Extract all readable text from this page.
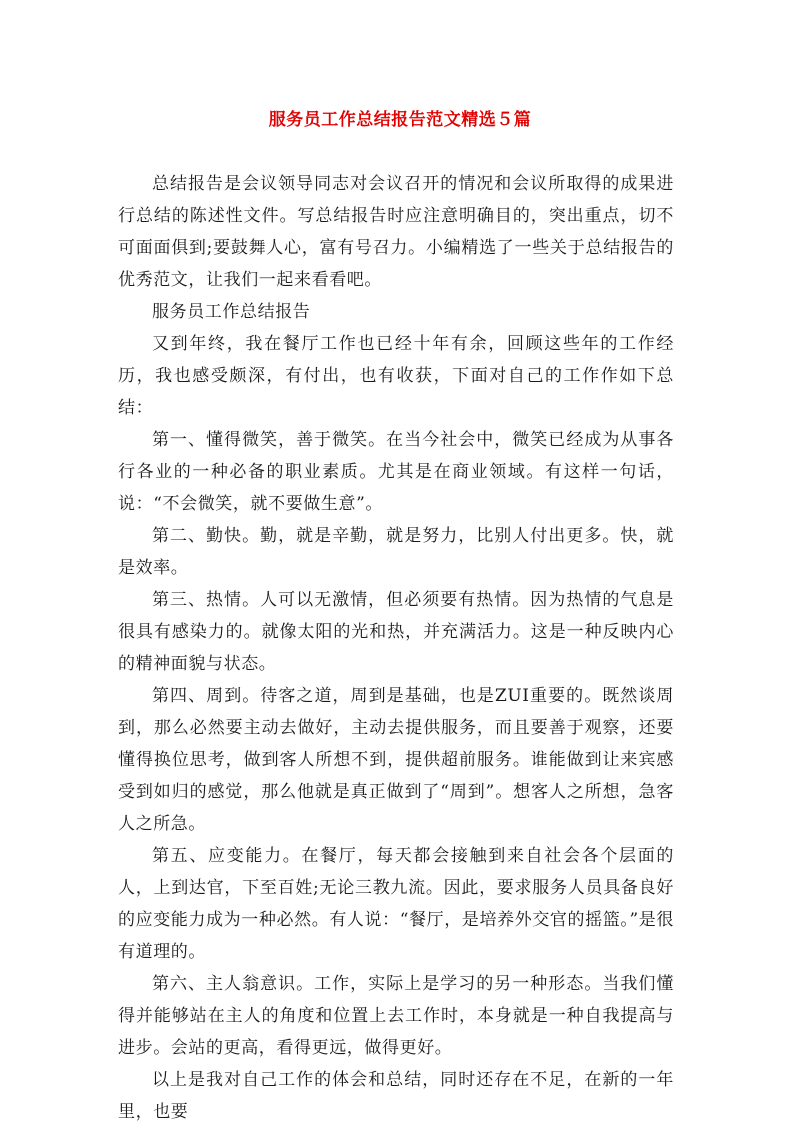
服务员工作总结报告范文精选５篇

总结报告是会议领导同志对会议召开的情况和会议所取得的成果进行总结的陈述性文件。写总结报告时应注意明确目的，突出重点，切不可面面俱到;要鼓舞人心，富有号召力。小编精选了一些关于总结报告的优秀范文，让我们一起来看看吧。

服务员工作总结报告

又到年终，我在餐厅工作也已经十年有余，回顾这些年的工作经历，我也感受颇深，有付出，也有收获，下面对自己的工作作如下总结：

第一、懂得微笑，善于微笑。在当今社会中，微笑已经成为从事各行各业的一种必备的职业素质。尤其是在商业领域。有这样一句话，说：“不会微笑，就不要做生意”。

第二、勤快。勤，就是辛勤，就是努力，比别人付出更多。快，就是效率。

第三、热情。人可以无激情，但必须要有热情。因为热情的气息是很具有感染力的。就像太阳的光和热，并充满活力。这是一种反映内心的精神面貌与状态。

第四、周到。待客之道，周到是基础，也是ZUI重要的。既然谈周到，那么必然要主动去做好，主动去提供服务，而且要善于观察，还要懂得换位思考，做到客人所想不到，提供超前服务。谁能做到让来宾感受到如归的感觉，那么他就是真正做到了“周到”。想客人之所想，急客人之所急。

第五、应变能力。在餐厅，每天都会接触到来自社会各个层面的人，上到达官，下至百姓;无论三教九流。因此，要求服务人员具备良好的应变能力成为一种必然。有人说：“餐厅，是培养外交官的摇篮。”是很有道理的。

第六、主人翁意识。工作，实际上是学习的另一种形态。当我们懂得并能够站在主人的角度和位置上去工作时，本身就是一种自我提高与进步。会站的更高，看得更远，做得更好。

以上是我对自己工作的体会和总结，同时还存在不足，在新的一年里，也要
